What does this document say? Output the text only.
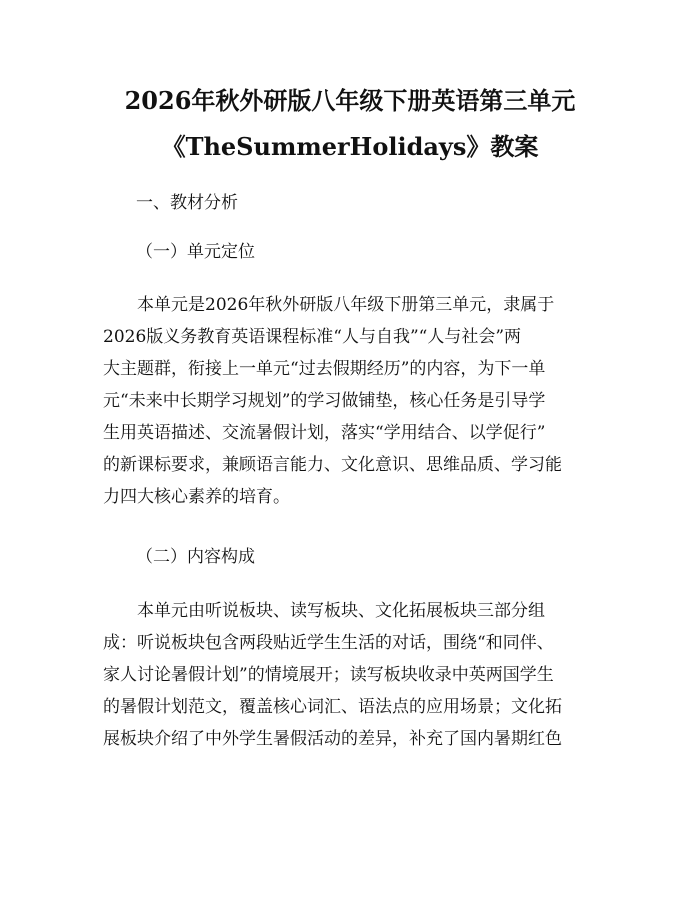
2026年秋外研版八年级下册英语第三单元
《TheSummerHolidays》教案

一、教材分析

（一）单元定位

　　本单元是2026年秋外研版八年级下册第三单元，隶属于
2026版义务教育英语课程标准“人与自我”“人与社会”两
大主题群，衔接上一单元“过去假期经历”的内容，为下一单
元“未来中长期学习规划”的学习做铺垫，核心任务是引导学
生用英语描述、交流暑假计划，落实“学用结合、以学促行”
的新课标要求，兼顾语言能力、文化意识、思维品质、学习能
力四大核心素养的培育。

（二）内容构成

　　本单元由听说板块、读写板块、文化拓展板块三部分组
成：听说板块包含两段贴近学生生活的对话，围绕“和同伴、
家人讨论暑假计划”的情境展开；读写板块收录中英两国学生
的暑假计划范文，覆盖核心词汇、语法点的应用场景；文化拓
展板块介绍了中外学生暑假活动的差异，补充了国内暑期红色
